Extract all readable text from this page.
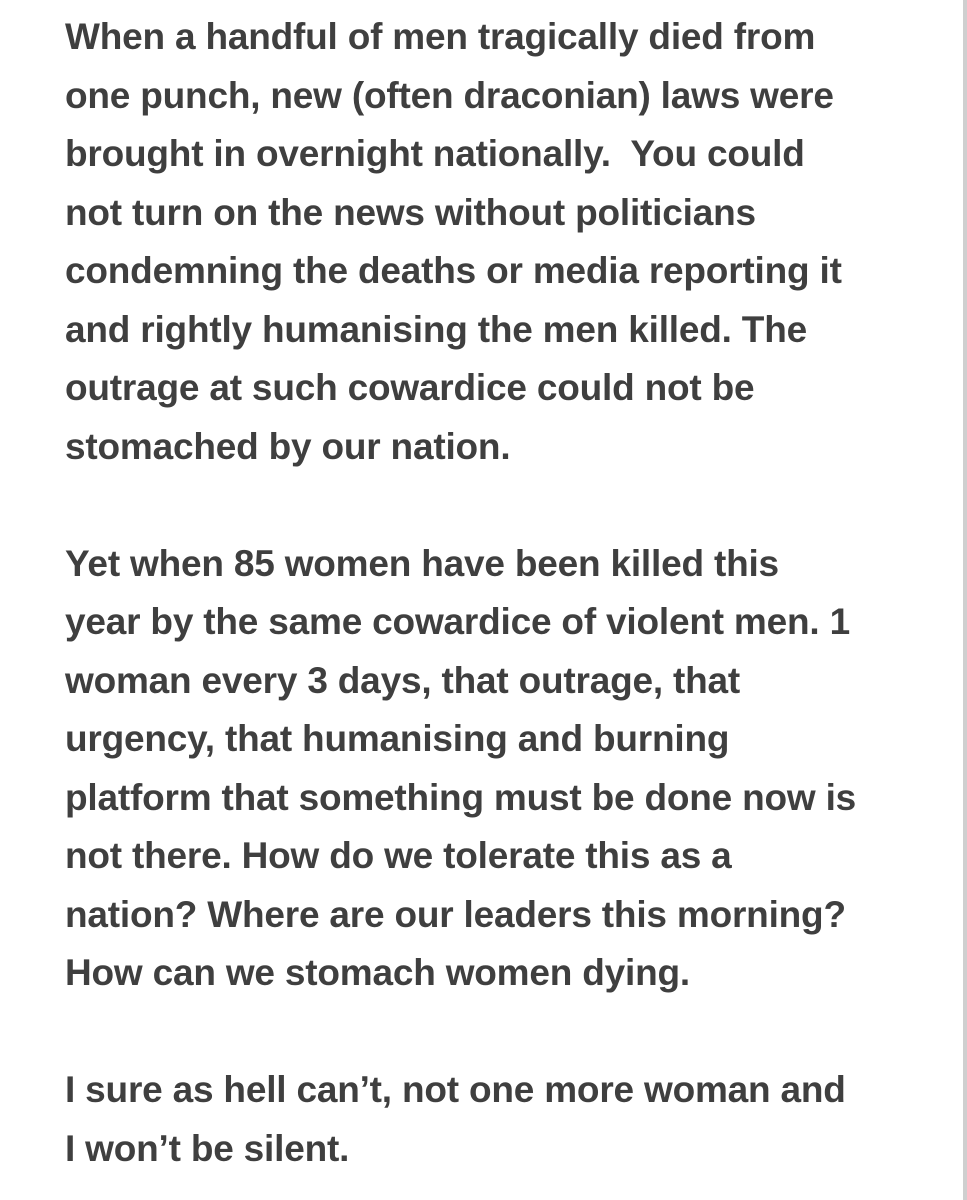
When a handful of men tragically died from
one punch, new (often draconian) laws were
brought in overnight nationally.  You could
not turn on the news without politicians
condemning the deaths or media reporting it
and rightly humanising the men killed. The
outrage at such cowardice could not be
stomached by our nation.
Yet when 85 women have been killed this
year by the same cowardice of violent men. 1
woman every 3 days, that outrage, that
urgency, that humanising and burning
platform that something must be done now is
not there. How do we tolerate this as a
nation? Where are our leaders this morning?
How can we stomach women dying.
I sure as hell can’t, not one more woman and
I won’t be silent.
